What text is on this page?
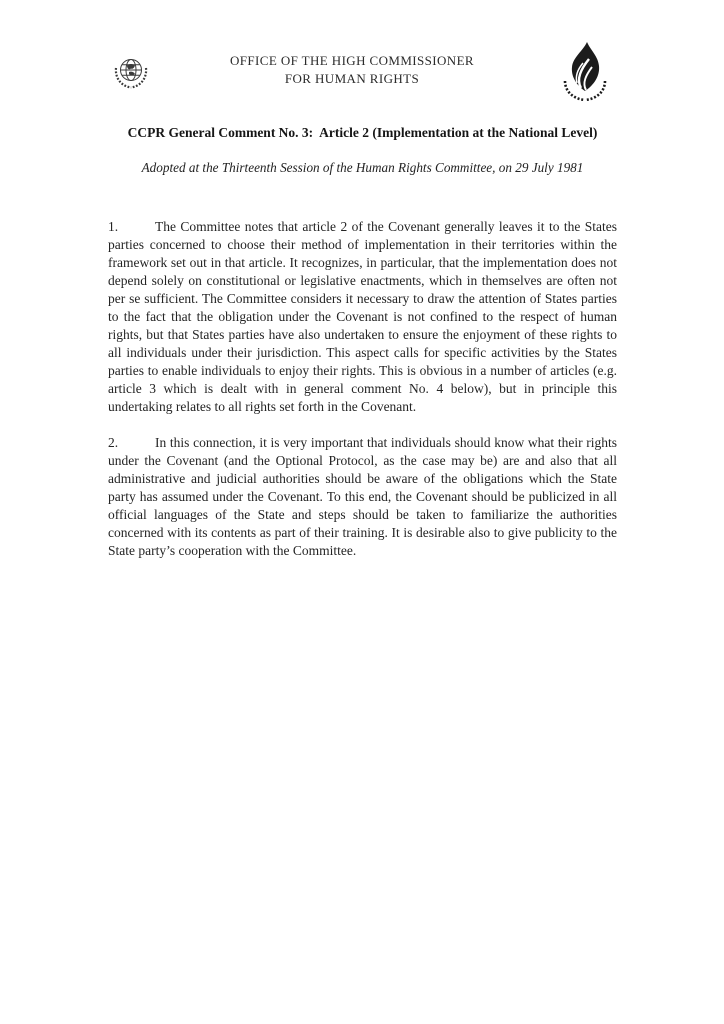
OFFICE OF THE HIGH COMMISSIONER
FOR HUMAN RIGHTS
CCPR General Comment No. 3:  Article 2 (Implementation at the National Level)
Adopted at the Thirteenth Session of the Human Rights Committee, on 29 July 1981

1.	The Committee notes that article 2 of the Covenant generally leaves it to the States parties concerned to choose their method of implementation in their territories within the framework set out in that article. It recognizes, in particular, that the implementation does not depend solely on constitutional or legislative enactments, which in themselves are often not per se sufficient. The Committee considers it necessary to draw the attention of States parties to the fact that the obligation under the Covenant is not confined to the respect of human rights, but that States parties have also undertaken to ensure the enjoyment of these rights to all individuals under their jurisdiction. This aspect calls for specific activities by the States parties to enable individuals to enjoy their rights. This is obvious in a number of articles (e.g. article 3 which is dealt with in general comment No. 4 below), but in principle this undertaking relates to all rights set forth in the Covenant.

2.	In this connection, it is very important that individuals should know what their rights under the Covenant (and the Optional Protocol, as the case may be) are and also that all administrative and judicial authorities should be aware of the obligations which the State party has assumed under the Covenant. To this end, the Covenant should be publicized in all official languages of the State and steps should be taken to familiarize the authorities concerned with its contents as part of their training. It is desirable also to give publicity to the State party’s cooperation with the Committee.
